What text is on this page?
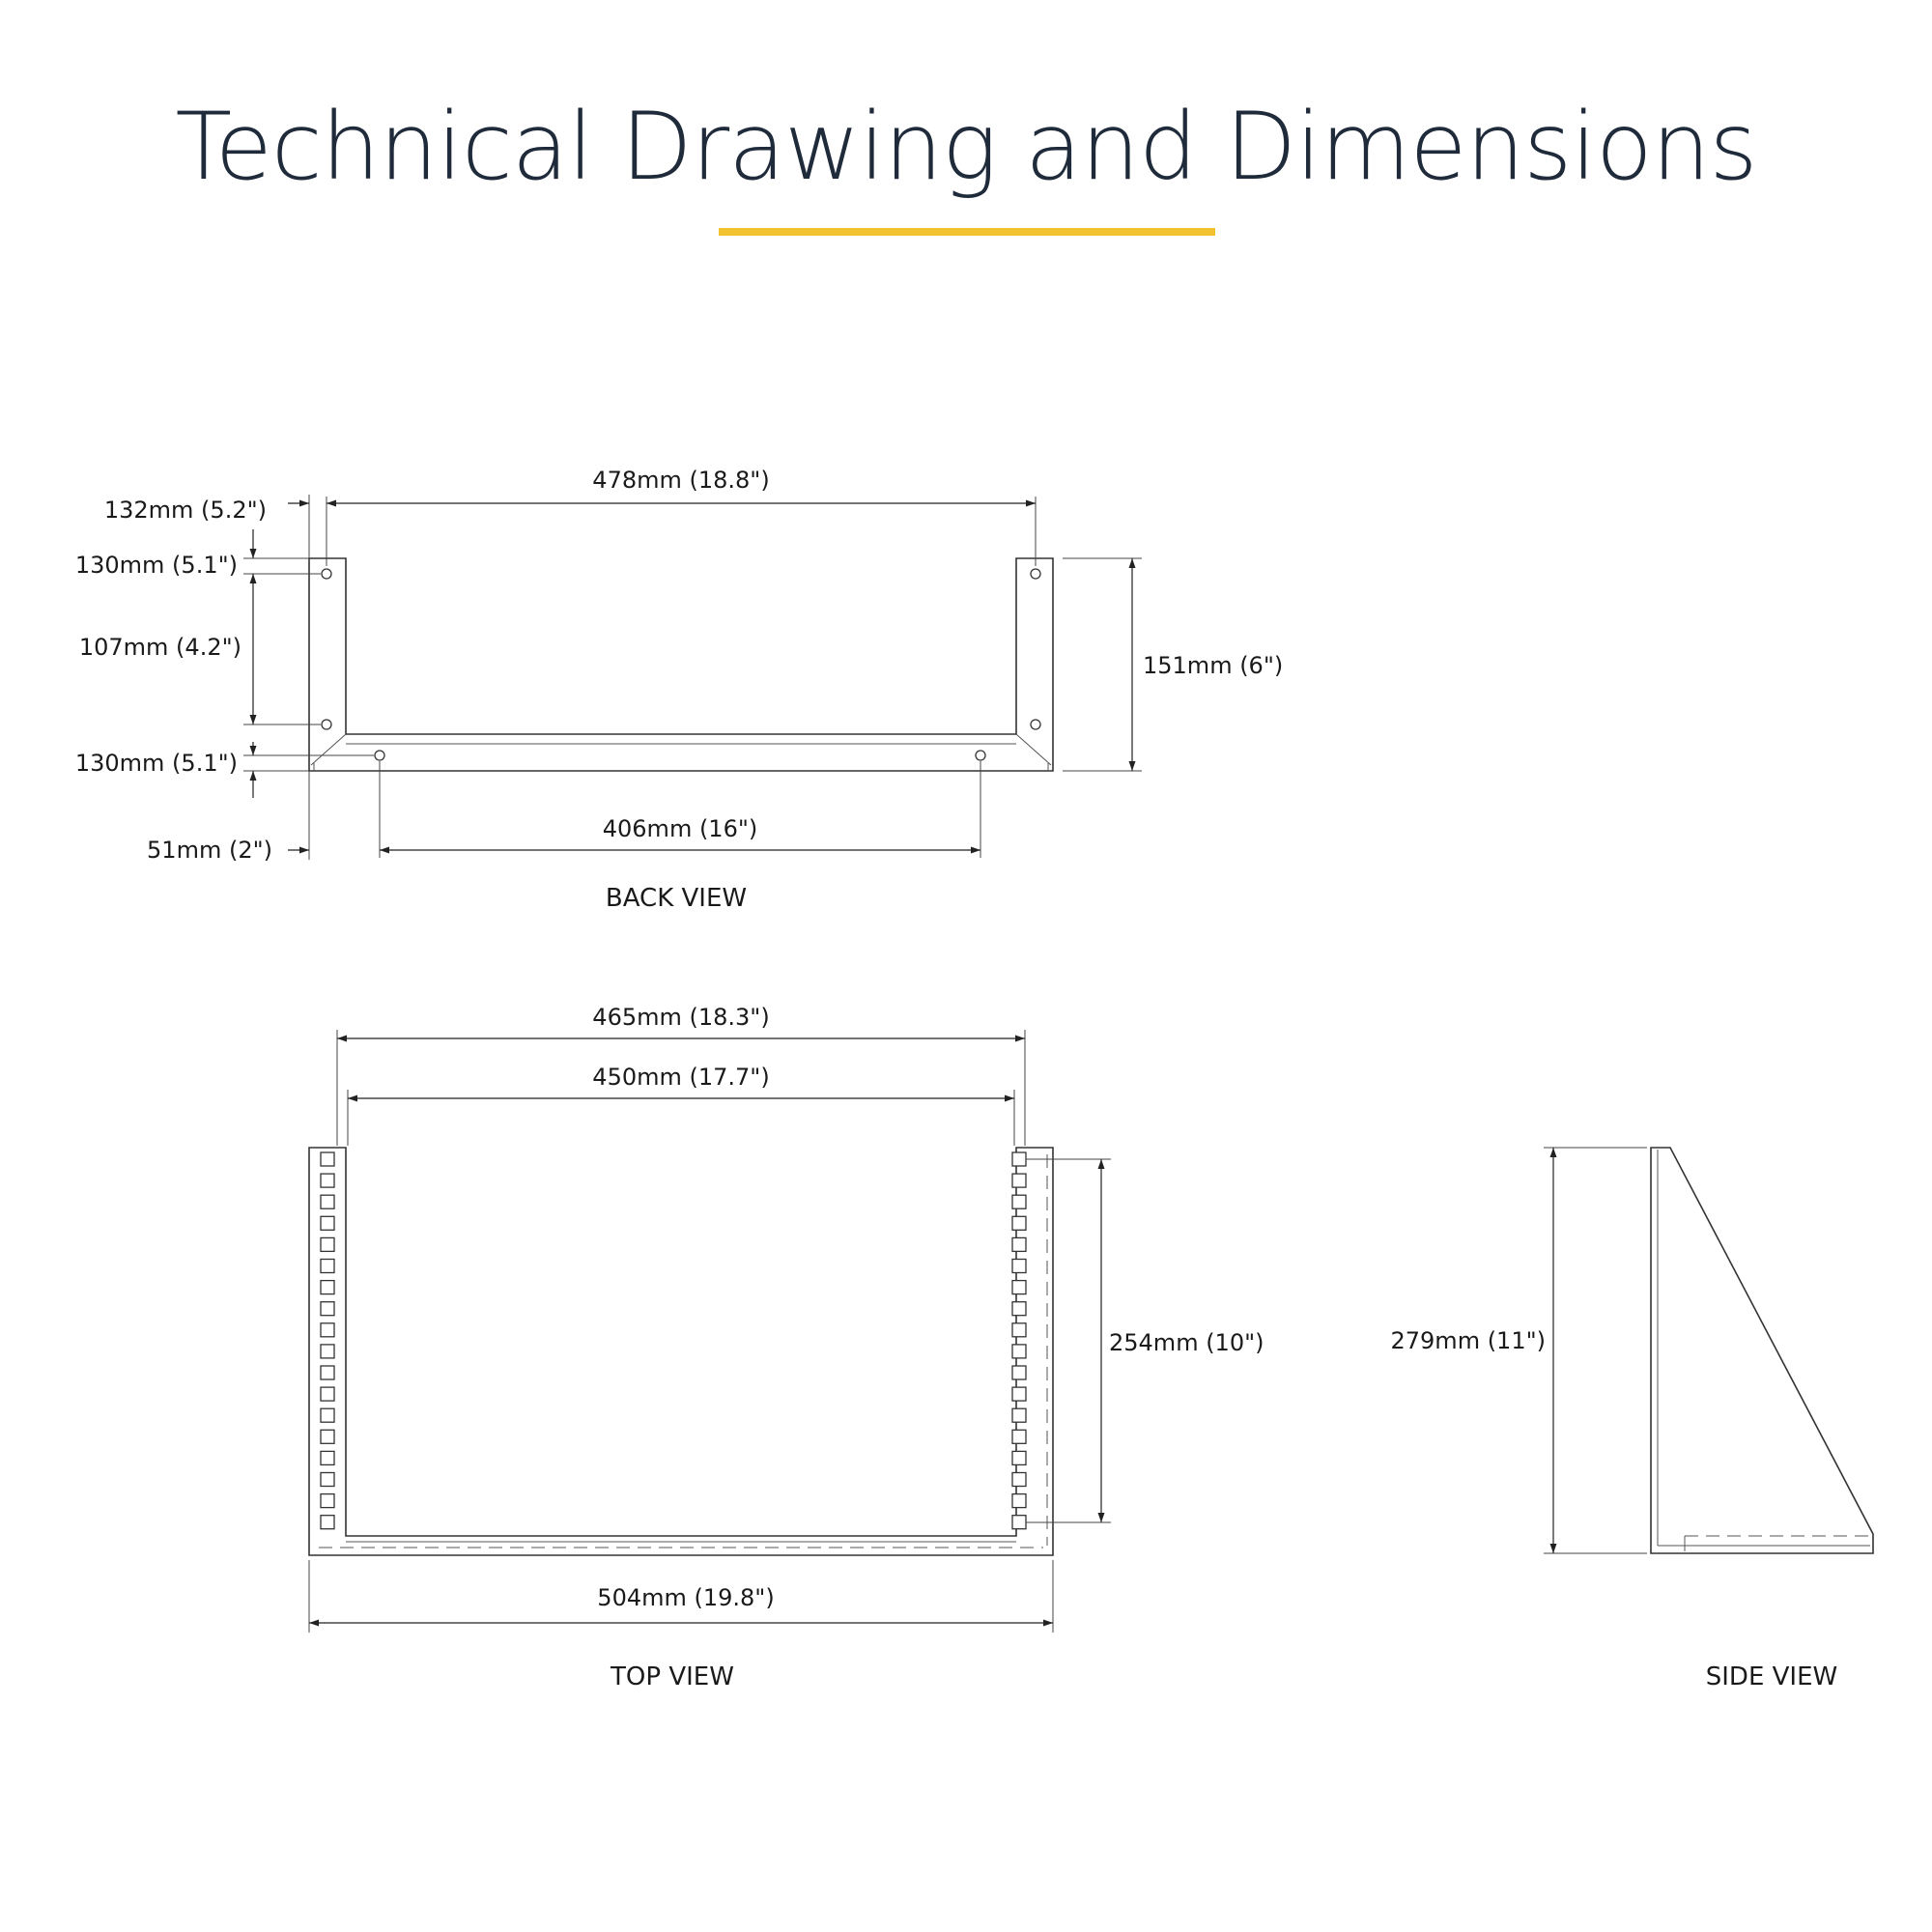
Technical Drawing and Dimensions
478mm (18.8")
132mm (5.2")
130mm (5.1")
107mm (4.2")
130mm (5.1")
51mm (2")
406mm (16")
151mm (6")
BACK VIEW
465mm (18.3")
450mm (17.7")
254mm (10")
504mm (19.8")
TOP VIEW
279mm (11")
SIDE VIEW
